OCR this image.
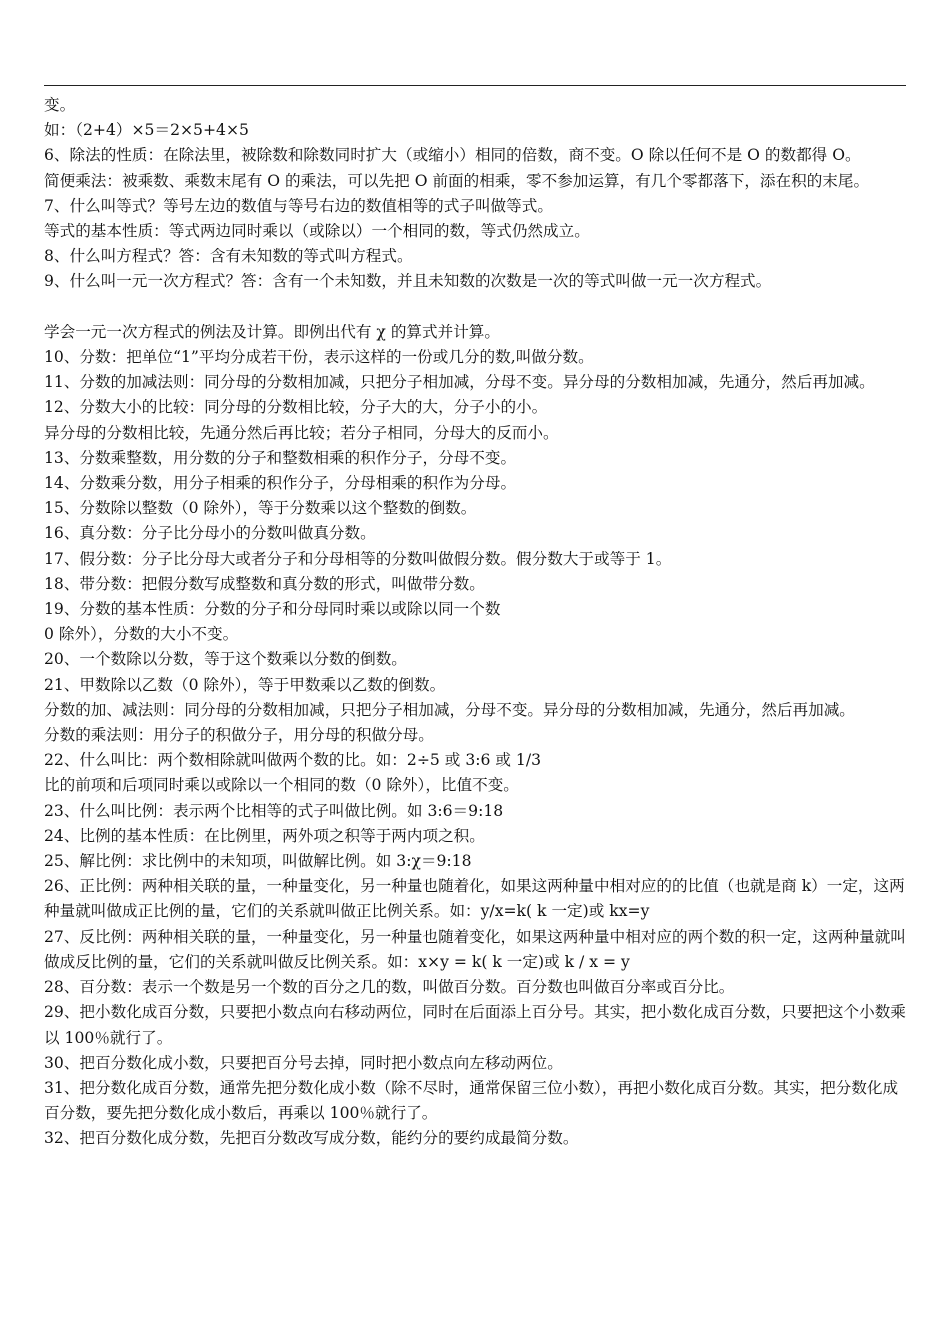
变。

如：（2+4）×5＝2×5+4×5

6、除法的性质：在除法里，被除数和除数同时扩大（或缩小）相同的倍数，商不变。O 除以任何不是 O 的数都得 O。

简便乘法：被乘数、乘数末尾有 O 的乘法，可以先把 O 前面的相乘，零不参加运算，有几个零都落下，添在积的末尾。

7、什么叫等式？等号左边的数值与等号右边的数值相等的式子叫做等式。

等式的基本性质：等式两边同时乘以（或除以）一个相同的数，等式仍然成立。

8、什么叫方程式？答：含有未知数的等式叫方程式。

9、什么叫一元一次方程式？答：含有一个未知数，并且未知数的次数是一次的等式叫做一元一次方程式。

学会一元一次方程式的例法及计算。即例出代有 χ 的算式并计算。

10、分数：把单位“1”平均分成若干份，表示这样的一份或几分的数,叫做分数。

11、分数的加减法则：同分母的分数相加减，只把分子相加减，分母不变。异分母的分数相加减，先通分，然后再加减。

12、分数大小的比较：同分母的分数相比较，分子大的大，分子小的小。

异分母的分数相比较，先通分然后再比较；若分子相同，分母大的反而小。

13、分数乘整数，用分数的分子和整数相乘的积作分子，分母不变。

14、分数乘分数，用分子相乘的积作分子，分母相乘的积作为分母。

15、分数除以整数（0 除外），等于分数乘以这个整数的倒数。

16、真分数：分子比分母小的分数叫做真分数。

17、假分数：分子比分母大或者分子和分母相等的分数叫做假分数。假分数大于或等于 1。

18、带分数：把假分数写成整数和真分数的形式，叫做带分数。

19、分数的基本性质：分数的分子和分母同时乘以或除以同一个数

0 除外），分数的大小不变。

20、一个数除以分数，等于这个数乘以分数的倒数。

21、甲数除以乙数（0 除外），等于甲数乘以乙数的倒数。

分数的加、减法则：同分母的分数相加减，只把分子相加减，分母不变。异分母的分数相加减，先通分，然后再加减。

分数的乘法则：用分子的积做分子，用分母的积做分母。

22、什么叫比：两个数相除就叫做两个数的比。如：2÷5 或 3:6 或 1/3

比的前项和后项同时乘以或除以一个相同的数（0 除外），比值不变。

23、什么叫比例：表示两个比相等的式子叫做比例。如 3:6＝9:18

24、比例的基本性质：在比例里，两外项之积等于两内项之积。

25、解比例：求比例中的未知项，叫做解比例。如 3:χ＝9:18

26、正比例：两种相关联的量，一种量变化，另一种量也随着化，如果这两种量中相对应的的比值（也就是商 k）一定，这两种量就叫做成正比例的量，它们的关系就叫做正比例关系。如：y/x=k( k 一定)或 kx=y

27、反比例：两种相关联的量，一种量变化，另一种量也随着变化，如果这两种量中相对应的两个数的积一定，这两种量就叫做成反比例的量，它们的关系就叫做反比例关系。如：x×y = k( k 一定)或 k / x = y

28、百分数：表示一个数是另一个数的百分之几的数，叫做百分数。百分数也叫做百分率或百分比。

29、把小数化成百分数，只要把小数点向右移动两位，同时在后面添上百分号。其实，把小数化成百分数，只要把这个小数乘以 100％就行了。

30、把百分数化成小数，只要把百分号去掉，同时把小数点向左移动两位。

31、把分数化成百分数，通常先把分数化成小数（除不尽时，通常保留三位小数），再把小数化成百分数。其实，把分数化成百分数，要先把分数化成小数后，再乘以 100％就行了。

32、把百分数化成分数，先把百分数改写成分数，能约分的要约成最简分数。
